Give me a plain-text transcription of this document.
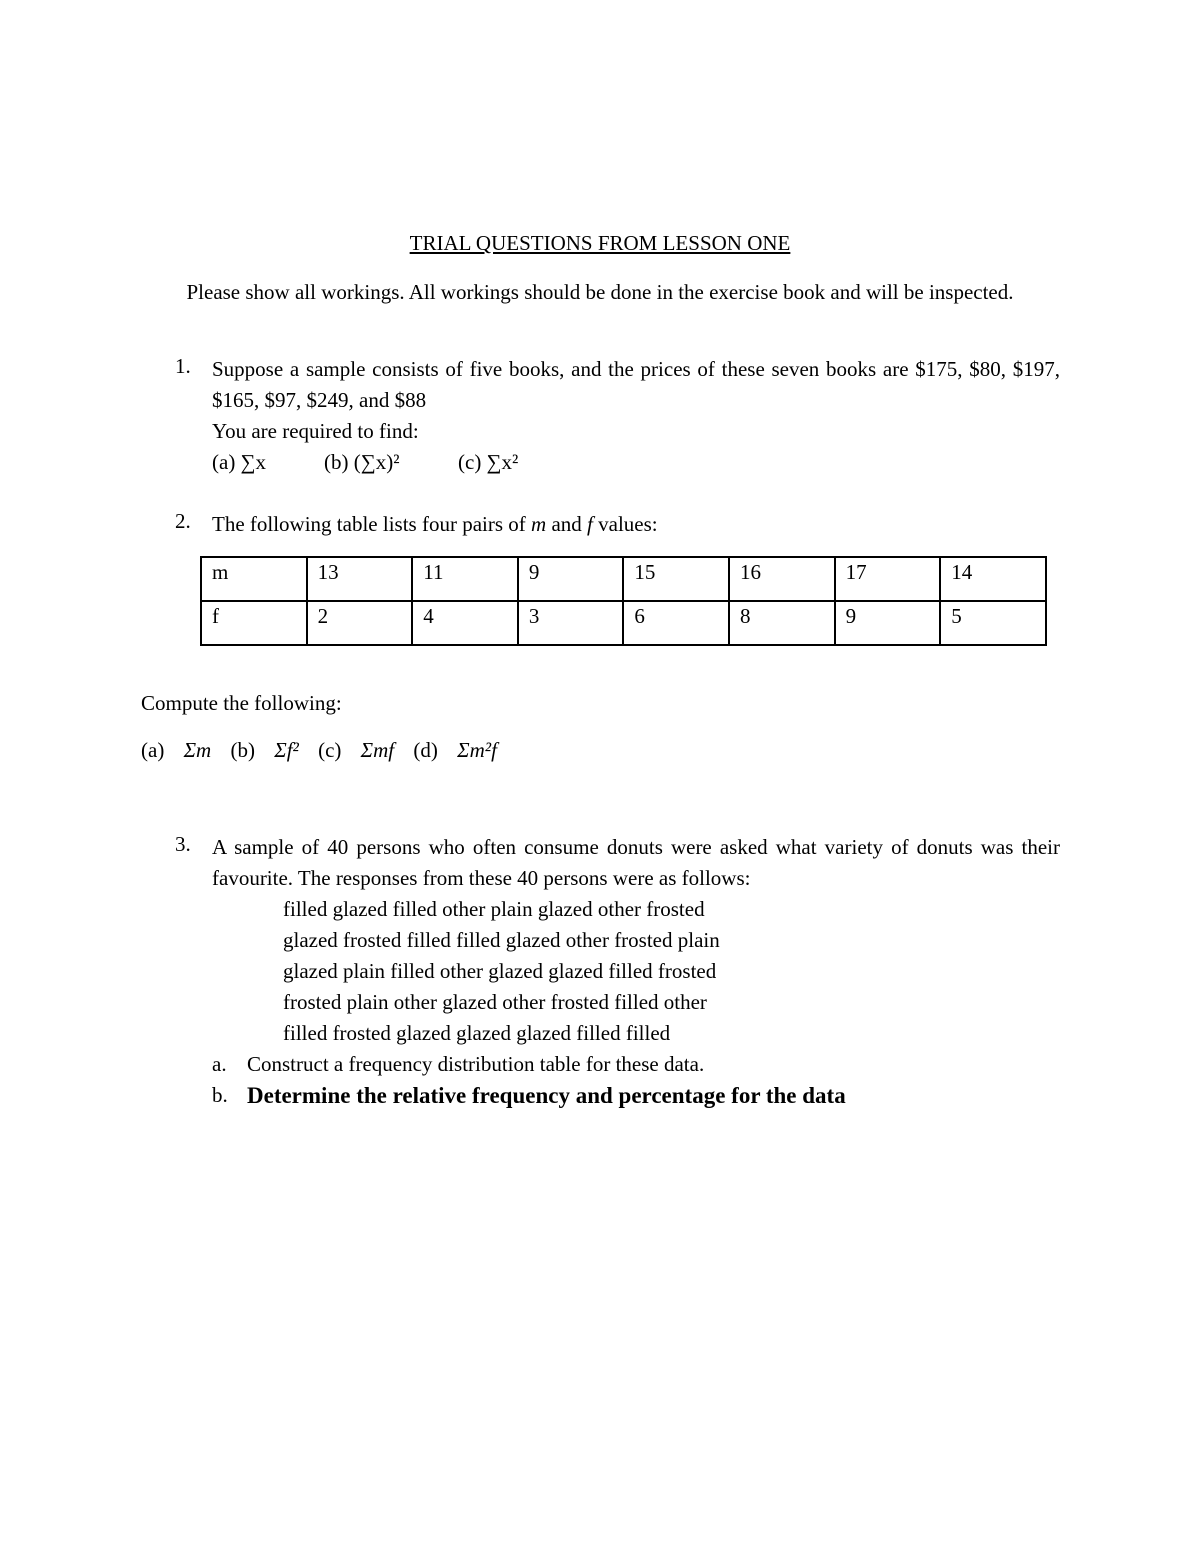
TRIAL QUESTIONS FROM LESSON ONE
Please show all workings. All workings should be done in the exercise book and will be inspected.
1. Suppose a sample consists of five books, and the prices of these seven books are $175, $80, $197, $165, $97, $249, and $88
You are required to find:
(a) ∑x	(b) (∑x)²	(c) ∑x²
2. The following table lists four pairs of m and f values:
m	13	11	9	15	16	17	14
f	2	4	3	6	8	9	5
Compute the following:
(a) Σm (b) Σf² (c) Σmf (d) Σm²f
3. A sample of 40 persons who often consume donuts were asked what variety of donuts was their favourite. The responses from these 40 persons were as follows:
filled glazed filled other plain glazed other frosted
glazed frosted filled filled glazed other frosted plain
glazed plain filled other glazed glazed filled frosted
frosted plain other glazed other frosted filled other
filled frosted glazed glazed glazed filled filled
a. Construct a frequency distribution table for these data.
b. Determine the relative frequency and percentage for the data
